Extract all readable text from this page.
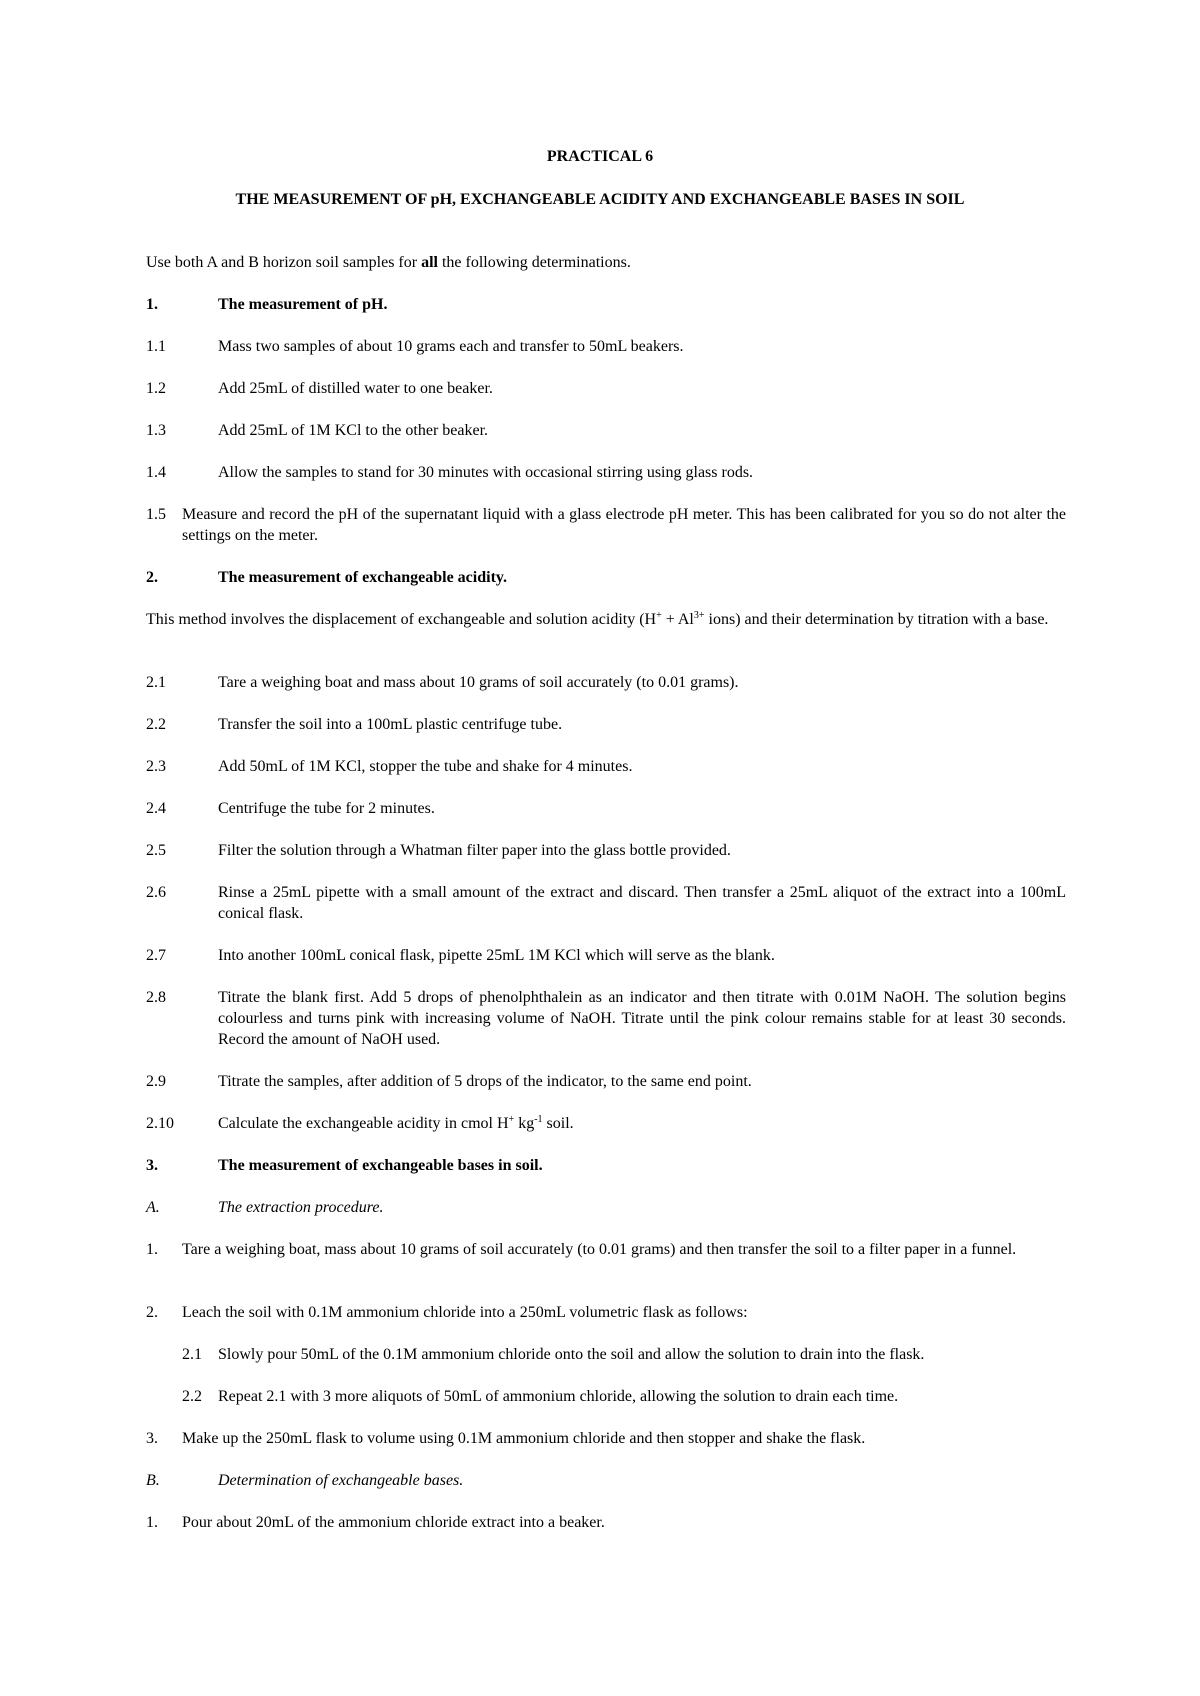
PRACTICAL 6
THE MEASUREMENT OF pH, EXCHANGEABLE ACIDITY AND EXCHANGEABLE BASES IN SOIL
Use both A and B horizon soil samples for all the following determinations.
1.	The measurement of pH.
1.1	Mass two samples of about 10 grams each and transfer to 50mL beakers.
1.2	Add 25mL of distilled water to one beaker.
1.3	Add 25mL of 1M KCl to the other beaker.
1.4	Allow the samples to stand for 30 minutes with occasional stirring using glass rods.
1.5 Measure and record the pH of the supernatant liquid with a glass electrode pH meter. This has been calibrated for you so do not alter the settings on the meter.
2.	The measurement of exchangeable acidity.
This method involves the displacement of exchangeable and solution acidity ($H^+ + Al^{3+}$ ions) and their determination by titration with a base.
2.1	Tare a weighing boat and mass about 10 grams of soil accurately (to 0.01 grams).
2.2	Transfer the soil into a 100mL plastic centrifuge tube.
2.3	Add 50mL of 1M KCl, stopper the tube and shake for 4 minutes.
2.4	Centrifuge the tube for 2 minutes.
2.5	Filter the solution through a Whatman filter paper into the glass bottle provided.
2.6	Rinse a 25mL pipette with a small amount of the extract and discard. Then transfer a 25mL aliquot of the extract into a 100mL conical flask.
2.7	Into another 100mL conical flask, pipette 25mL 1M KCl which will serve as the blank.
2.8	Titrate the blank first. Add 5 drops of phenolphthalein as an indicator and then titrate with 0.01M NaOH. The solution begins colourless and turns pink with increasing volume of NaOH. Titrate until the pink colour remains stable for at least 30 seconds. Record the amount of NaOH used.
2.9	Titrate the samples, after addition of 5 drops of the indicator, to the same end point.
2.10	Calculate the exchangeable acidity in cmol H+ $kg^{-1}$ soil.
3.	The measurement of exchangeable bases in soil.
A.	The extraction procedure.
1. Tare a weighing boat, mass about 10 grams of soil accurately (to 0.01 grams) and then transfer the soil to a filter paper in a funnel.
2. Leach the soil with 0.1M ammonium chloride into a 250mL volumetric flask as follows:
2.1 Slowly pour 50mL of the 0.1M ammonium chloride onto the soil and allow the solution to drain into the flask.
2.2 Repeat 2.1 with 3 more aliquots of 50mL of ammonium chloride, allowing the solution to drain each time.
3. Make up the 250mL flask to volume using 0.1M ammonium chloride and then stopper and shake the flask.
B.	Determination of exchangeable bases.
1. Pour about 20mL of the ammonium chloride extract into a beaker.
